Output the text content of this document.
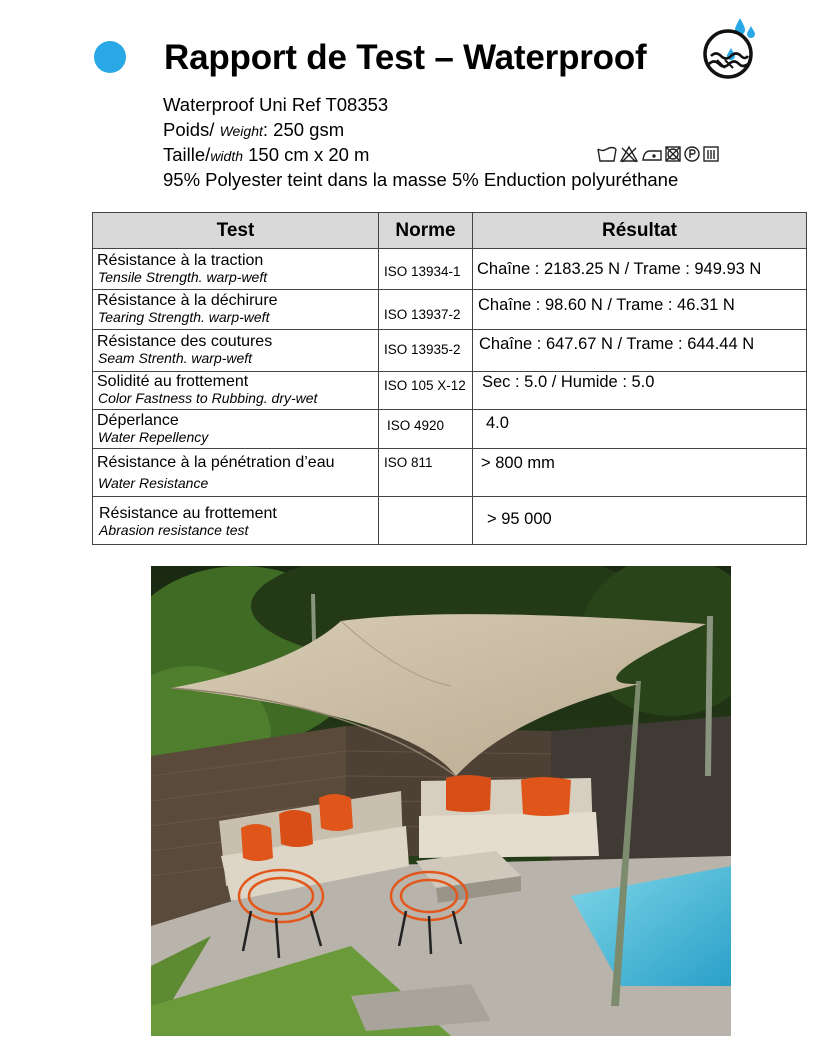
Rapport de Test – Waterproof
Waterproof Uni Ref T08353
Poids/ Weight: 250 gsm
Taille/width 150 cm x 20 m
95% Polyester teint dans la masse 5% Enduction polyuréthane
Test	Norme	Résultat

Résistance à la traction
Tensile Strength. warp-weft	ISO 13934-1	Chaîne : 2183.25 N / Trame : 949.93 N

Résistance à la déchirure
Tearing Strength. warp-weft	ISO 13937-2	Chaîne : 98.60 N / Trame : 46.31 N

Résistance des coutures
Seam Strenth. warp-weft	ISO 13935-2	Chaîne : 647.67 N / Trame : 644.44 N

Solidité au frottement
Color Fastness to Rubbing. dry-wet	ISO 105 X-12	Sec : 5.0 / Humide : 5.0

Déperlance
Water Repellency	ISO 4920	4.0

Résistance à la pénétration d’eau
Water Resistance	ISO 811	> 800 mm

Résistance au frottement
Abrasion resistance test		> 95 000
